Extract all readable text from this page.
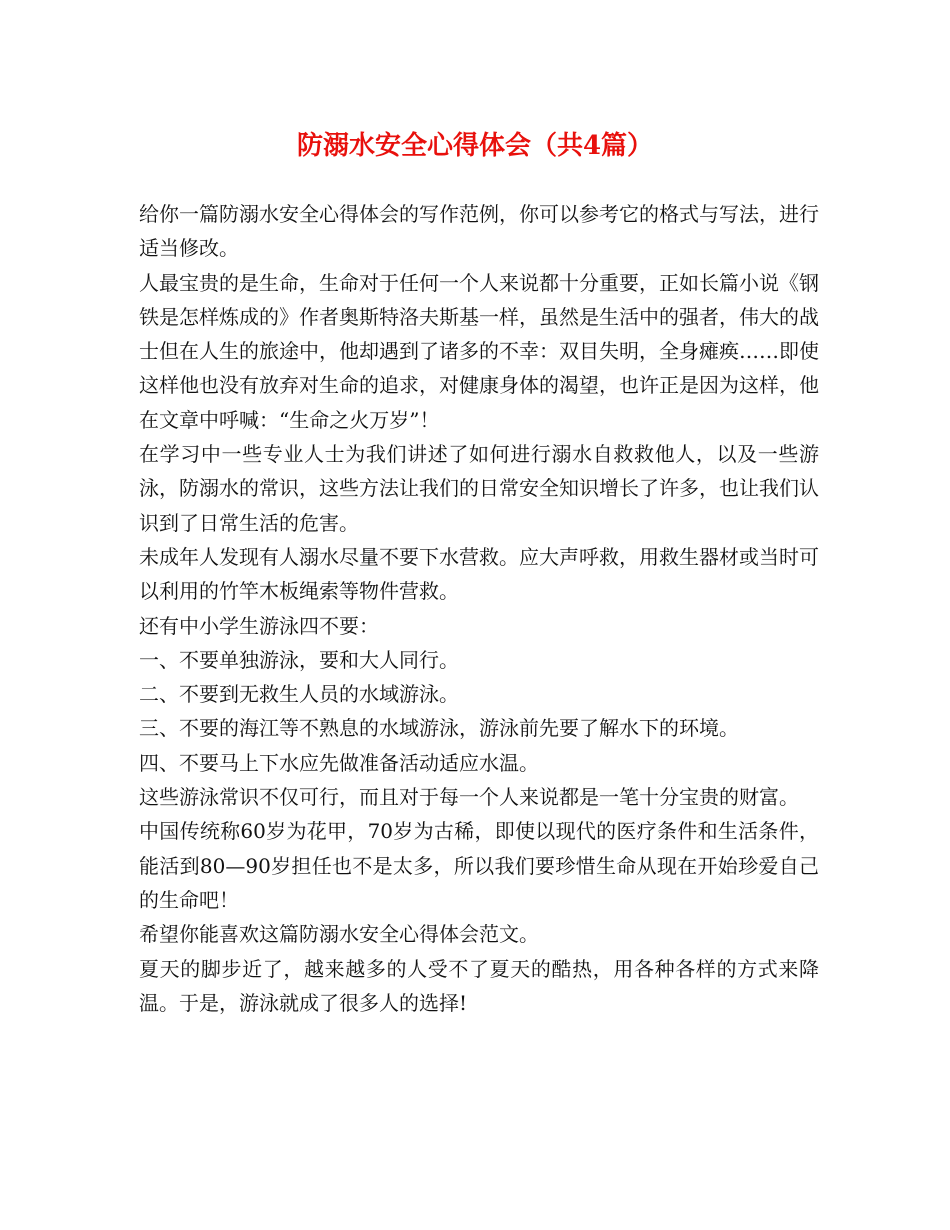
防溺水安全心得体会（共4篇）

给你一篇防溺水安全心得体会的写作范例，你可以参考它的格式与写法，进行适当修改。

人最宝贵的是生命，生命对于任何一个人来说都十分重要，正如长篇小说《钢铁是怎样炼成的》作者奥斯特洛夫斯基一样，虽然是生活中的强者，伟大的战士但在人生的旅途中，他却遇到了诸多的不幸：双目失明，全身瘫痪……即使这样他也没有放弃对生命的追求，对健康身体的渴望，也许正是因为这样，他在文章中呼喊：“生命之火万岁”！

在学习中一些专业人士为我们讲述了如何进行溺水自救救他人，以及一些游泳，防溺水的常识，这些方法让我们的日常安全知识增长了许多，也让我们认识到了日常生活的危害。

未成年人发现有人溺水尽量不要下水营救。应大声呼救，用救生器材或当时可以利用的竹竿木板绳索等物件营救。

还有中小学生游泳四不要：

一、不要单独游泳，要和大人同行。

二、不要到无救生人员的水域游泳。

三、不要的海江等不熟息的水域游泳，游泳前先要了解水下的环境。

四、不要马上下水应先做准备活动适应水温。

这些游泳常识不仅可行，而且对于每一个人来说都是一笔十分宝贵的财富。

中国传统称60岁为花甲，70岁为古稀，即使以现代的医疗条件和生活条件，能活到80—90岁担任也不是太多，所以我们要珍惜生命从现在开始珍爱自己的生命吧！

希望你能喜欢这篇防溺水安全心得体会范文。

夏天的脚步近了，越来越多的人受不了夏天的酷热，用各种各样的方式来降温。于是，游泳就成了很多人的选择!
